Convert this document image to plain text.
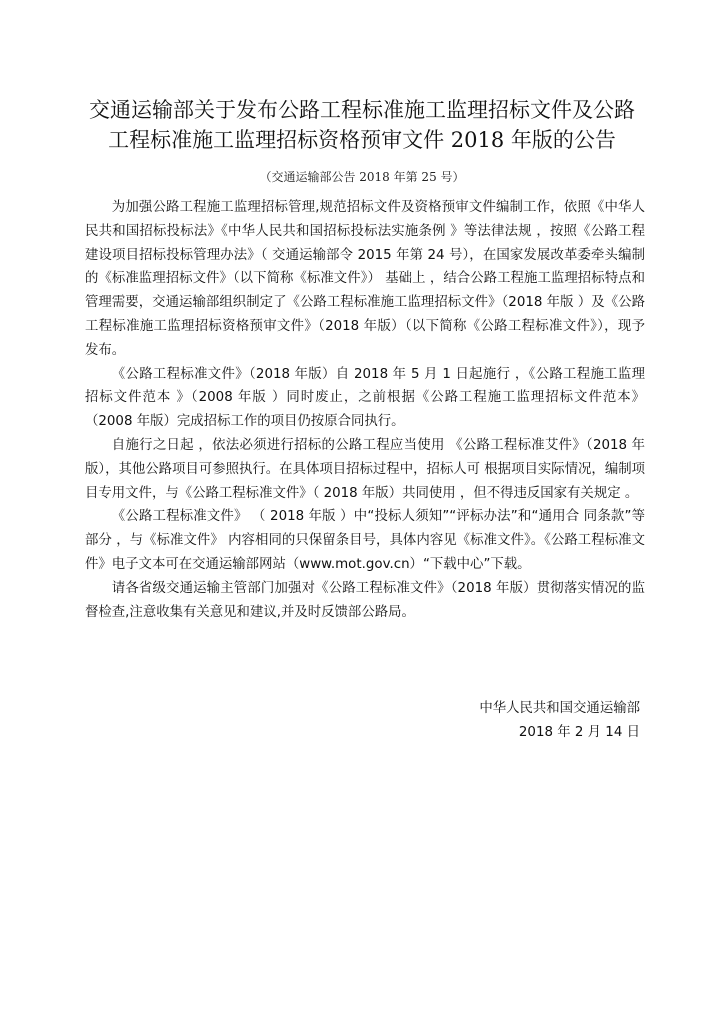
交通运输部关于发布公路工程标准施工监理招标文件及公路
工程标准施工监理招标资格预审文件 2018 年版的公告

（交通运输部公告 2018 年第 25 号）

为加强公路工程施工监理招标管理,规范招标文件及资格预审文件编制工作，依照《中华人民共和国招标投标法》《中华人民共和国招标投标法实施条例 》等法律法规 ，按照《公路工程建设项目招标投标管理办法》（ 交通运输部令 2015 年第 24 号），在国家发展改革委牵头编制的《标准监理招标文件》（以下简称《标准文件》） 基础上 ，结合公路工程施工监理招标特点和管理需要，交通运输部组织制定了《公路工程标准施工监理招标文件》（2018 年版 ）及《公路工程标准施工监理招标资格预审文件》（2018 年版）（以下简称《公路工程标准文件》），现予发布。

《公路工程标准文件》（2018 年版）自 2018 年 5 月 1 日起施行 ，《公路工程施工监理招标文件范本 》（2008 年版 ）同时废止，之前根据《公路工程施工监理招标文件范本》（2008 年版）完成招标工作的项目仍按原合同执行。

自施行之日起 ，依法必须进行招标的公路工程应当使用 《公路工程标准艾件》（2018 年版），其他公路项目可参照执行。在具体项目招标过程中，招标人可 根据项目实际情况，编制项目专用文件，与《公路工程标准文件》（ 2018 年版）共同使用 ，但不得违反国家有关规定 。

《公路工程标准文件》 （ 2018 年版 ）中“投标人须知”“评标办法”和“通用合 同条款”等部分 ，与《标准文件》 内容相同的只保留条目号，具体内容见《标准文件》。《公路工程标准文件》电子文本可在交通运输部网站（www.mot.gov.cn）“下载中心”下载。

请各省级交通运输主管部门加强对《公路工程标准文件》（2018 年版）贯彻落实情况的监督检查,注意收集有关意见和建议,并及时反馈部公路局。

中华人民共和国交通运输部
2018 年 2 月 14 日
